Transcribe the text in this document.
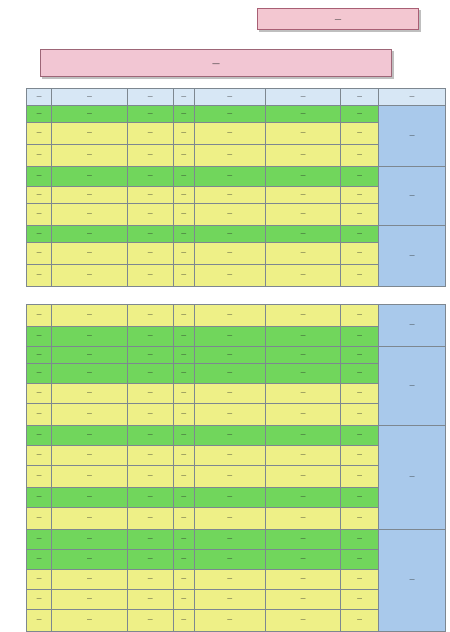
—
—
—	—	—	—	—	—	—	—
—	—	—	—	—	—	—	—
	—	—	—	—	—	—	—
	—	—	—	—	—	—	—
—	—	—	—	—	—	—	—
	—	—	—	—	—	—	—
	—	—	—	—	—	—	—
—	—	—	—	—	—	—	—
	—	—	—	—	—	—	—
	—	—	—	—	—	—	—
—	—	—	—	—	—	—	—
	—	—	—	—	—	—	—
—	—	—	—	—	—	—	—
	—	—	—	—	—	—	—
	—	—	—	—	—	—	—
	—	—	—	—	—	—	—
—	—	—	—	—	—	—	—
	—	—	—	—	—	—	—
	—	—	—	—	—	—	—
	—	—	—	—	—	—	—
	—	—	—	—	—	—	—
—	—	—	—	—	—	—	—
	—	—	—	—	—	—	—
	—	—	—	—	—	—	—
	—	—	—	—	—	—	—
	—	—	—	—	—	—	—
